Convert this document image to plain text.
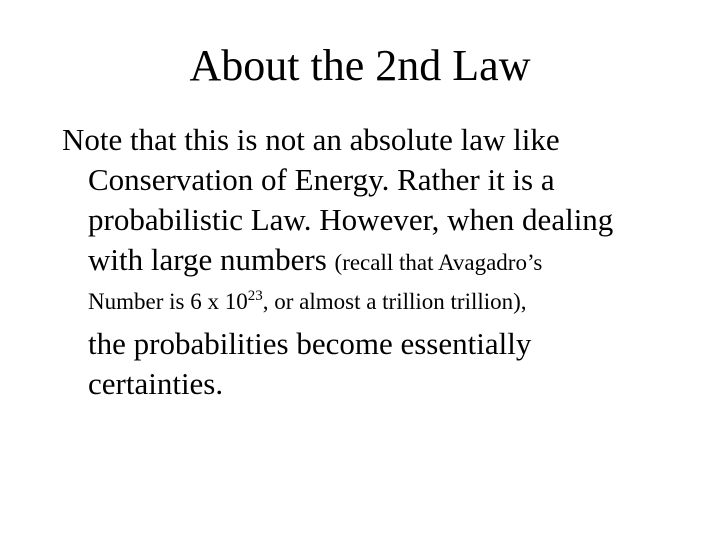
About the 2nd Law
Note that this is not an absolute law like
Conservation of Energy. Rather it is a
probabilistic Law. However, when dealing
with large numbers (recall that Avagadro’s
Number is 6 x $10^{23}$, or almost a trillion trillion),
the probabilities become essentially
certainties.
